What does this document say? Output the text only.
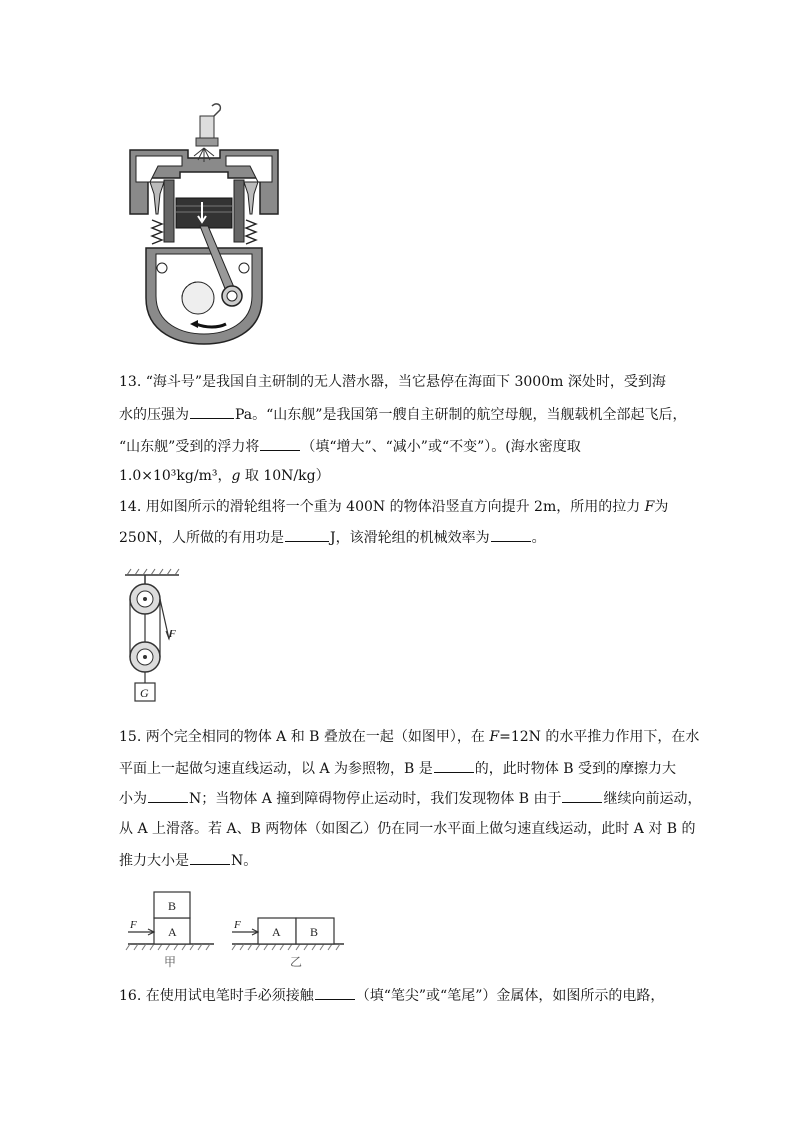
13. “海斗号”是我国自主研制的无人潜水器，当它悬停在海面下 3000m 深处时，受到海
水的压强为	Pa。“山东舰”是我国第一艘自主研制的航空母舰，当舰载机全部起飞后，
“山东舰”受到的浮力将	（填“增大”、“减小”或“不变”）。(海水密度取
1.0×10³kg/m³，g 取 10N/kg）
14. 用如图所示的滑轮组将一个重为 400N 的物体沿竖直方向提升 2m，所用的拉力 F为
250N，人所做的有用功是	J，该滑轮组的机械效率为	。
F
G
15. 两个完全相同的物体 A 和 B 叠放在一起（如图甲），在 F=12N 的水平推力作用下，在水
平面上一起做匀速直线运动，以 A 为参照物，B 是	的，此时物体 B 受到的摩擦力大
小为	N；当物体 A 撞到障碍物停止运动时，我们发现物体 B 由于	继续向前运动，
从 A 上滑落。若 A、B 两物体（如图乙）仍在同一水平面上做匀速直线运动，此时 A 对 B 的
推力大小是	N。
A
B
F
甲
A B
F
乙
16. 在使用试电笔时手必须接触	（填“笔尖”或“笔尾”）金属体，如图所示的电路，
